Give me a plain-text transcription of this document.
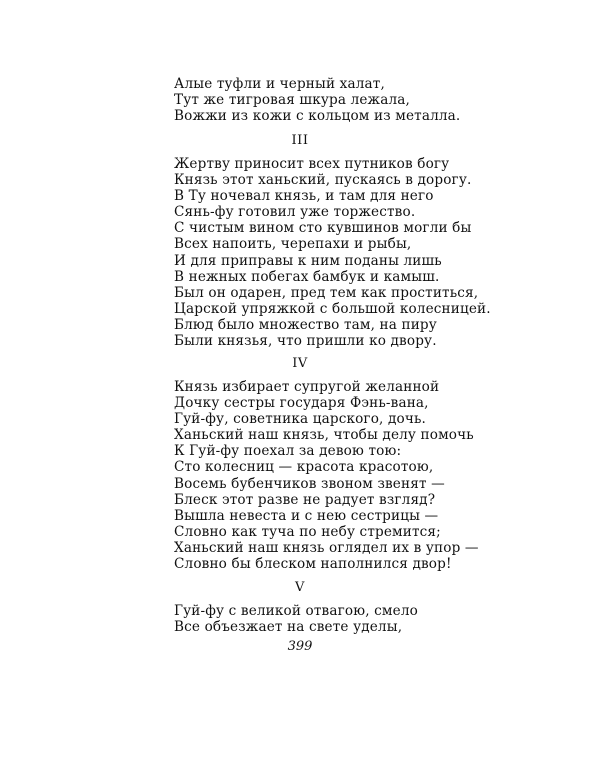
Алые туфли и черный халат,
Тут же тигровая шкура лежала,
Вожжи из кожи с кольцом из металла.
III
Жертву приносит всех путников богу
Князь этот ханьский, пускаясь в дорогу.
В Ту ночевал князь, и там для него
Сянь-фу готовил уже торжество.
С чистым вином сто кувшинов могли бы
Всех напоить, черепахи и рыбы,
И для приправы к ним поданы лишь
В нежных побегах бамбук и камыш.
Был он одарен, пред тем как проститься,
Царской упряжкой с большой колесницей.
Блюд было множество там, на пиру
Были князья, что пришли ко двору.
IV
Князь избирает супругой желанной
Дочку сестры государя Фэнь-вана,
Гуй-фу, советника царского, дочь.
Ханьский наш князь, чтобы делу помочь
К Гуй-фу поехал за девою тою:
Сто колесниц — красота красотою,
Восемь бубенчиков звоном звенят —
Блеск этот разве не радует взгляд?
Вышла невеста и с нею сестрицы —
Словно как туча по небу стремится;
Ханьский наш князь оглядел их в упор —
Словно бы блеском наполнился двор!
V
Гуй-фу с великой отвагою, смело
Все объезжает на свете уделы,
399
